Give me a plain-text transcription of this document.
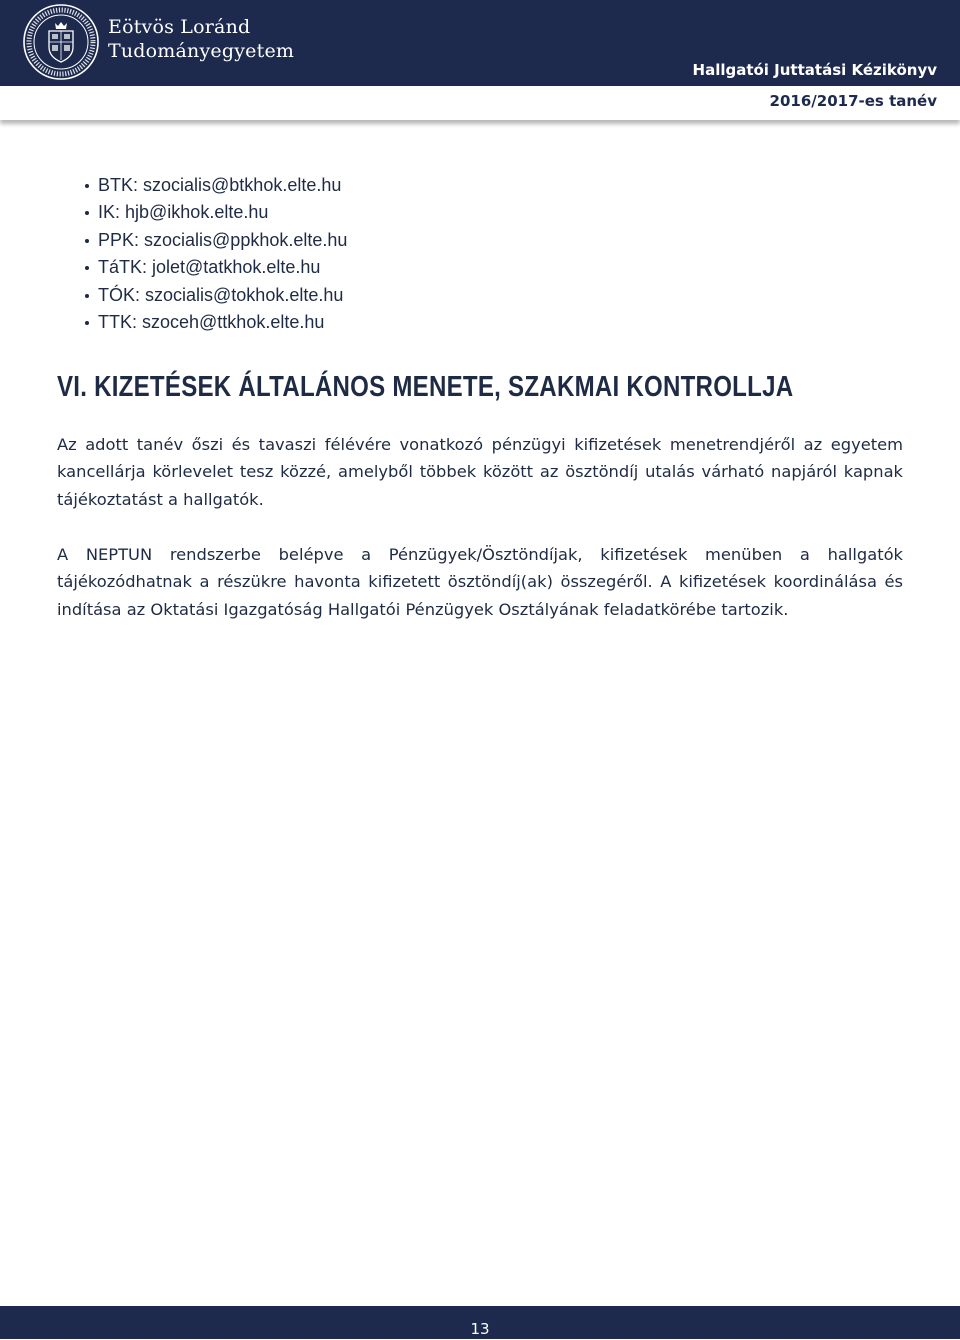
Eötvös Loránd
Tudományegyetem
Hallgatói Juttatási Kézikönyv
2016/2017-es tanév
BTK: szocialis@btkhok.elte.hu
IK: hjb@ikhok.elte.hu
PPK: szocialis@ppkhok.elte.hu
TáTK: jolet@tatkhok.elte.hu
TÓK: szocialis@tokhok.elte.hu
TTK: szoceh@ttkhok.elte.hu
VI. KIZETÉSEK ÁLTALÁNOS MENETE, SZAKMAI KONTROLLJA

Az adott tanév őszi és tavaszi félévére vonatkozó pénzügyi kifizetések menetrendjéről az egyetem kancellárja körlevelet tesz közzé, amelyből többek között az ösztöndíj utalás várható napjáról kapnak tájékoztatást a hallgatók.

A NEPTUN rendszerbe belépve a Pénzügyek/Ösztöndíjak, kifizetések menüben a hallgatók tájékozódhatnak a részükre havonta kifizetett ösztöndíj(ak) összegéről. A kifizetések koordinálása és indítása az Oktatási Igazgatóság Hallgatói Pénzügyek Osztályának feladatkörébe tartozik.

13
